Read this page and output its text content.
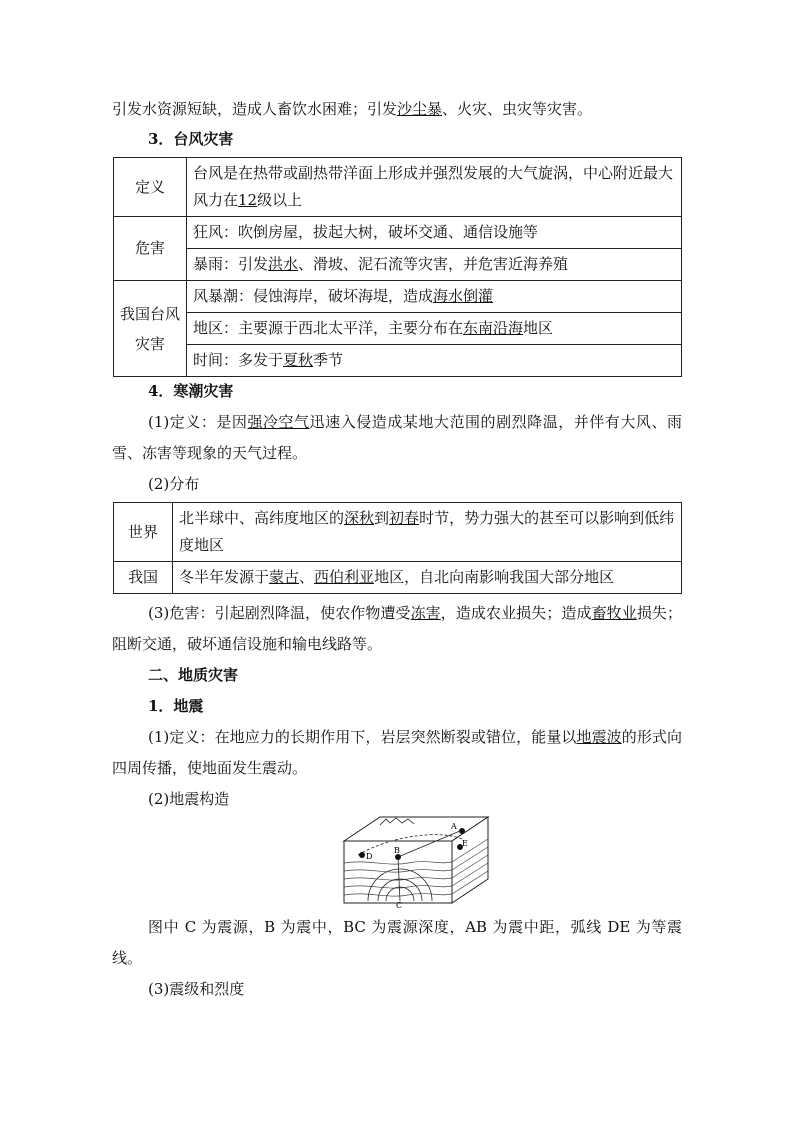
引发水资源短缺，造成人畜饮水困难；引发沙尘暴、火灾、虫灾等灾害。

3．台风灾害

定义	台风是在热带或副热带洋面上形成并强烈发展的大气旋涡，中心附近最大风力在12级以上
危害	狂风：吹倒房屋，拔起大树，破坏交通、通信设施等
	暴雨：引发洪水、滑坡、泥石流等灾害，并危害近海养殖
我国台风灾害	风暴潮：侵蚀海岸，破坏海堤，造成海水倒灌
	地区：主要源于西北太平洋，主要分布在东南沿海地区
	时间：多发于夏秋季节

4．寒潮灾害

(1)定义：是因强冷空气迅速入侵造成某地大范围的剧烈降温，并伴有大风、雨雪、冻害等现象的天气过程。

(2)分布

世界	北半球中、高纬度地区的深秋到初春时节，势力强大的甚至可以影响到低纬度地区
我国	冬半年发源于蒙古、西伯利亚地区，自北向南影响我国大部分地区

(3)危害：引起剧烈降温，使农作物遭受冻害，造成农业损失；造成畜牧业损失；阻断交通，破坏通信设施和输电线路等。

二、地质灾害

1．地震

(1)定义：在地应力的长期作用下，岩层突然断裂或错位，能量以地震波的形式向四周传播，使地面发生震动。

(2)地震构造

D
B
A
E
C

图中 C 为震源，B 为震中，BC 为震源深度，AB 为震中距，弧线 DE 为等震线。

(3)震级和烈度
